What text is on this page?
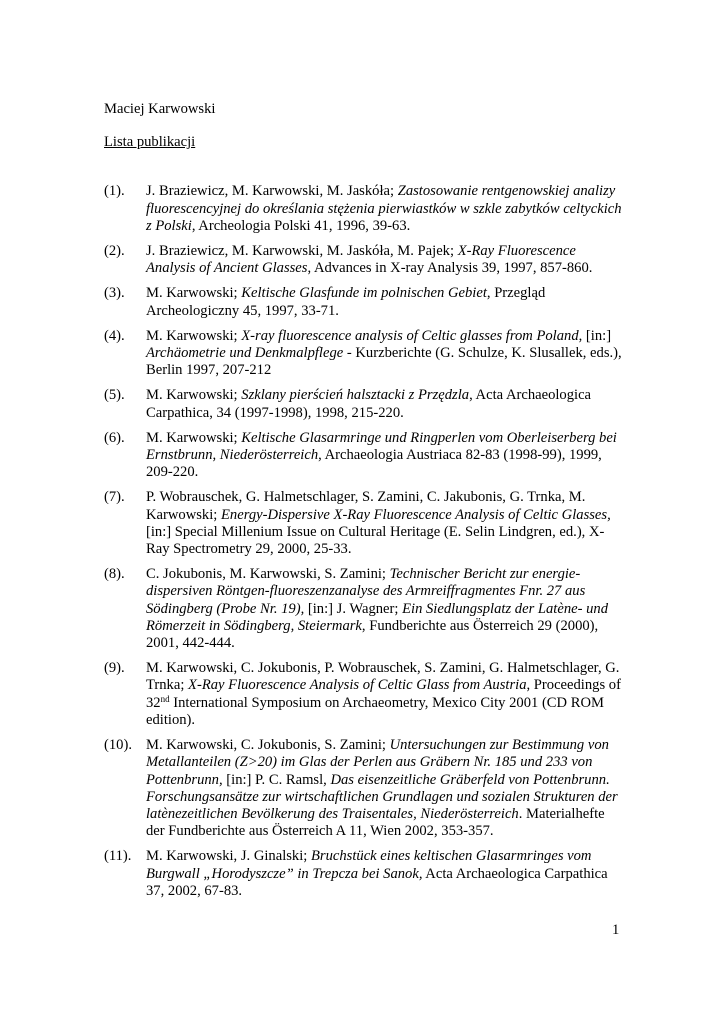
Maciej Karwowski
Lista publikacji
(1). J. Braziewicz, M. Karwowski, M. Jaskóła; Zastosowanie rentgenowskiej analizy fluorescencyjnej do określania stężenia pierwiastków w szkle zabytków celtyckich z Polski, Archeologia Polski 41, 1996, 39-63.
(2). J. Braziewicz, M. Karwowski, M. Jaskóła, M. Pajek; X-Ray Fluorescence Analysis of Ancient Glasses, Advances in X-ray Analysis 39, 1997, 857-860.
(3). M. Karwowski; Keltische Glasfunde im polnischen Gebiet, Przegląd Archeologiczny 45, 1997, 33-71.
(4). M. Karwowski; X-ray fluorescence analysis of Celtic glasses from Poland, [in:] Archäometrie und Denkmalpflege - Kurzberichte (G. Schulze, K. Slusallek, eds.), Berlin 1997, 207-212
(5). M. Karwowski; Szklany pierścień halsztacki z Przędzla, Acta Archaeologica Carpathica, 34 (1997-1998), 1998, 215-220.
(6). M. Karwowski; Keltische Glasarmringe und Ringperlen vom Oberleiserberg bei Ernstbrunn, Niederösterreich, Archaeologia Austriaca 82-83 (1998-99), 1999, 209-220.
(7). P. Wobrauschek, G. Halmetschlager, S. Zamini, C. Jakubonis, G. Trnka, M. Karwowski; Energy-Dispersive X-Ray Fluorescence Analysis of Celtic Glasses, [in:] Special Millenium Issue on Cultural Heritage (E. Selin Lindgren, ed.), X-Ray Spectrometry 29, 2000, 25-33.
(8). C. Jokubonis, M. Karwowski, S. Zamini; Technischer Bericht zur energie-dispersiven Röntgen-fluoreszenzanalyse des Armreiffragmentes Fnr. 27 aus Södingberg (Probe Nr. 19), [in:] J. Wagner; Ein Siedlungsplatz der Latène- und Römerzeit in Södingberg, Steiermark, Fundberichte aus Österreich 29 (2000), 2001, 442-444.
(9). M. Karwowski, C. Jokubonis, P. Wobrauschek, S. Zamini, G. Halmetschlager, G. Trnka; X-Ray Fluorescence Analysis of Celtic Glass from Austria, Proceedings of 32nd International Symposium on Archaeometry, Mexico City 2001 (CD ROM edition).
(10). M. Karwowski, C. Jokubonis, S. Zamini; Untersuchungen zur Bestimmung von Metallanteilen (Z>20) im Glas der Perlen aus Gräbern Nr. 185 und 233 von Pottenbrunn, [in:] P. C. Ramsl, Das eisenzeitliche Gräberfeld von Pottenbrunn. Forschungsansätze zur wirtschaftlichen Grundlagen und sozialen Strukturen der latènezeitlichen Bevölkerung des Traisentales, Niederösterreich. Materialhefte der Fundberichte aus Österreich A 11, Wien 2002, 353-357.
(11). M. Karwowski, J. Ginalski; Bruchstück eines keltischen Glasarmringes vom Burgwall „Horodyszcze” in Trepcza bei Sanok, Acta Archaeologica Carpathica 37, 2002, 67-83.
1
